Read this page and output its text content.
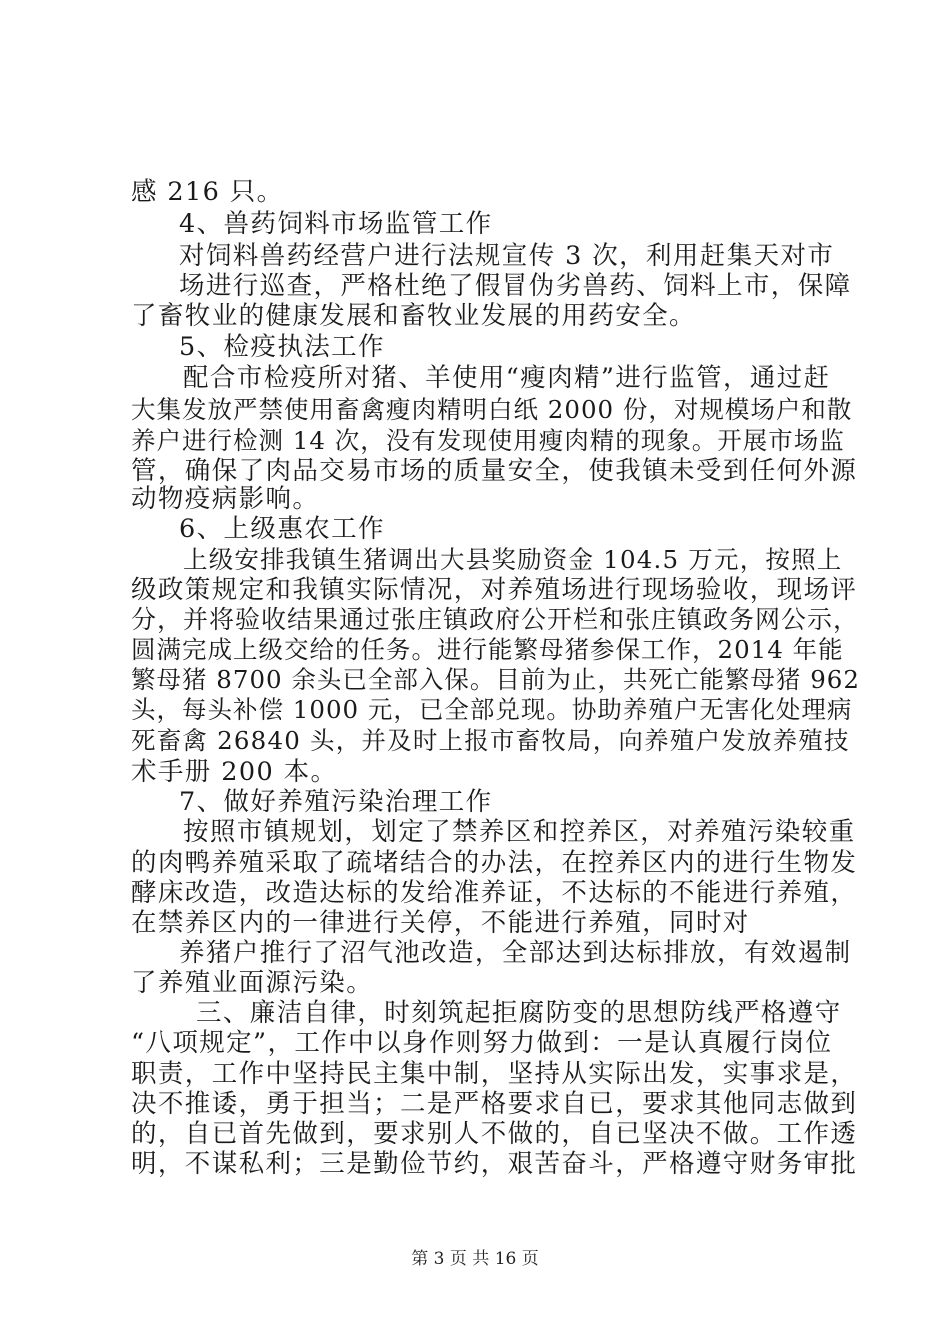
感 216 只。
4、兽药饲料市场监管工作
对饲料兽药经营户进行法规宣传 3 次，利用赶集天对市
场进行巡查，严格杜绝了假冒伪劣兽药、饲料上市，保障
了畜牧业的健康发展和畜牧业发展的用药安全。
5、检疫执法工作
配合市检疫所对猪、羊使用“瘦肉精”进行监管，通过赶
大集发放严禁使用畜禽瘦肉精明白纸 2000 份，对规模场户和散
养户进行检测 14 次，没有发现使用瘦肉精的现象。开展市场监
管，确保了肉品交易市场的质量安全，使我镇未受到任何外源
动物疫病影响。
6、上级惠农工作
上级安排我镇生猪调出大县奖励资金 104.5 万元，按照上
级政策规定和我镇实际情况，对养殖场进行现场验收，现场评
分，并将验收结果通过张庄镇政府公开栏和张庄镇政务网公示，
圆满完成上级交给的任务。进行能繁母猪参保工作，2014 年能
繁母猪 8700 余头已全部入保。目前为止，共死亡能繁母猪 962
头，每头补偿 1000 元，已全部兑现。协助养殖户无害化处理病
死畜禽 26840 头，并及时上报市畜牧局，向养殖户发放养殖技
术手册 200 本。
7、做好养殖污染治理工作
按照市镇规划，划定了禁养区和控养区，对养殖污染较重
的肉鸭养殖采取了疏堵结合的办法，在控养区内的进行生物发
酵床改造，改造达标的发给准养证，不达标的不能进行养殖，
在禁养区内的一律进行关停，不能进行养殖，同时对
养猪户推行了沼气池改造，全部达到达标排放，有效遏制
了养殖业面源污染。
三、廉洁自律，时刻筑起拒腐防变的思想防线严格遵守
“八项规定”，工作中以身作则努力做到：一是认真履行岗位
职责，工作中坚持民主集中制，坚持从实际出发，实事求是，
决不推诿，勇于担当；二是严格要求自已，要求其他同志做到
的，自已首先做到，要求别人不做的，自已坚决不做。工作透
明，不谋私利；三是勤俭节约，艰苦奋斗，严格遵守财务审批
第 3 页 共 16 页
